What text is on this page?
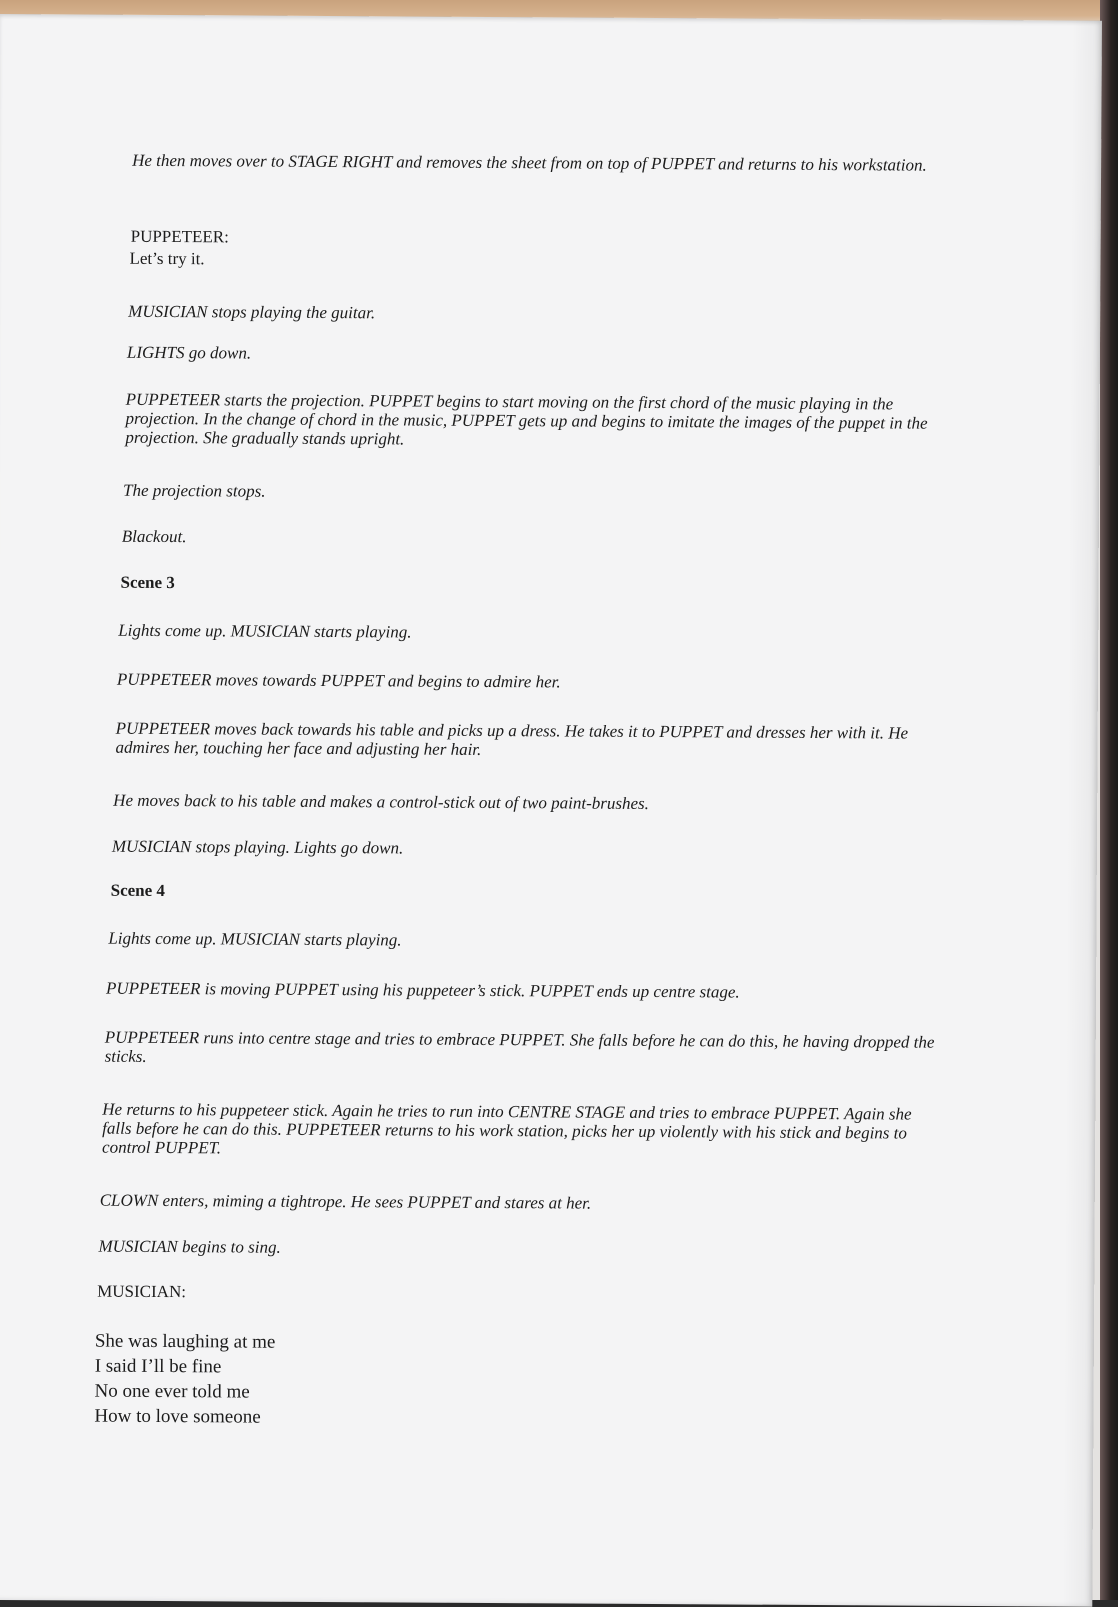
He then moves over to STAGE RIGHT and removes the sheet from on top of PUPPET and returns to his workstation.

PUPPETEER:

Let’s try it.

MUSICIAN stops playing the guitar.

LIGHTS go down.

PUPPETEER starts the projection. PUPPET begins to start moving on the first chord of the music playing in the projection. In the change of chord in the music, PUPPET gets up and begins to imitate the images of the puppet in the projection. She gradually stands upright.

The projection stops.

Blackout.

Scene 3

Lights come up. MUSICIAN starts playing.

PUPPETEER moves towards PUPPET and begins to admire her.

PUPPETEER moves back towards his table and picks up a dress. He takes it to PUPPET and dresses her with it. He admires her, touching her face and adjusting her hair.

He moves back to his table and makes a control-stick out of two paint-brushes.

MUSICIAN stops playing. Lights go down.

Scene 4

Lights come up. MUSICIAN starts playing.

PUPPETEER is moving PUPPET using his puppeteer’s stick. PUPPET ends up centre stage.

PUPPETEER runs into centre stage and tries to embrace PUPPET. She falls before he can do this, he having dropped the sticks.

He returns to his puppeteer stick. Again he tries to run into CENTRE STAGE and tries to embrace PUPPET. Again she falls before he can do this. PUPPETEER returns to his work station, picks her up violently with his stick and begins to control PUPPET.

CLOWN enters, miming a tightrope. He sees PUPPET and stares at her.

MUSICIAN begins to sing.

MUSICIAN:

She was laughing at me
I said I’ll be fine
No one ever told me
How to love someone
